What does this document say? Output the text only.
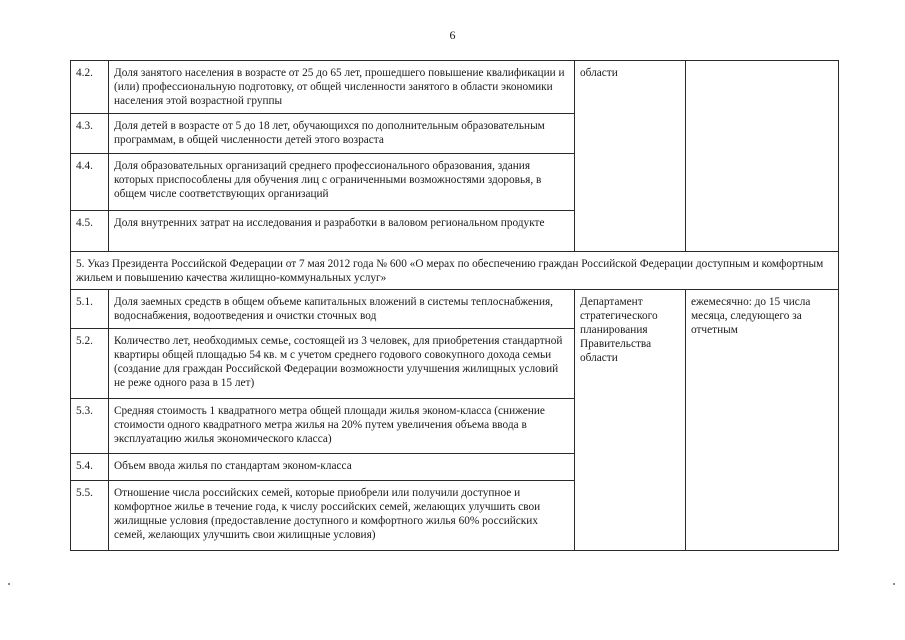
6
4.2.	Доля занятого населения в возрасте от 25 до 65 лет, прошедшего повышение квалификации и (или) профессиональную подготовку, от общей численности занятого в области экономики населения этой возрастной группы	области	
4.3.	Доля детей в возрасте от 5 до 18 лет, обучающихся по дополнительным образовательным программам, в общей численности детей этого возраста		
4.4.	Доля образовательных организаций среднего профессионального образования, здания которых приспособлены для обучения лиц с ограниченными возможностями здоровья, в общем числе соответствующих организаций		
4.5.	Доля внутренних затрат на исследования и разработки в валовом региональном продукте		
5. Указ Президента Российской Федерации от 7 мая 2012 года № 600 «О мерах по обеспечению граждан Российской Федерации доступным и комфортным жильем и повышению качества жилищно-коммунальных услуг»			
5.1.	Доля заемных средств в общем объеме капитальных вложений в системы теплоснабжения, водоснабжения, водоотведения и очистки сточных вод	Департамент стратегического планирования Правительства области	ежемесячно: до 15 числа месяца, следующего за отчетным
5.2.	Количество лет, необходимых семье, состоящей из 3 человек, для приобретения стандартной квартиры общей площадью 54 кв. м с учетом среднего годового совокупного дохода семьи (создание для граждан Российской Федерации возможности улучшения жилищных условий не реже одного раза в 15 лет)		
5.3.	Средняя стоимость 1 квадратного метра общей площади жилья эконом-класса (снижение стоимости одного квадратного метра жилья на 20% путем увеличения объема ввода в эксплуатацию жилья экономического класса)		
5.4.	Объем ввода жилья по стандартам эконом-класса		
5.5.	Отношение числа российских семей, которые приобрели или получили доступное и комфортное жилье в течение года, к числу российских семей, желающих улучшить свои жилищные условия (предоставление доступного и комфортного жилья 60% российских семей, желающих улучшить свои жилищные условия)		
